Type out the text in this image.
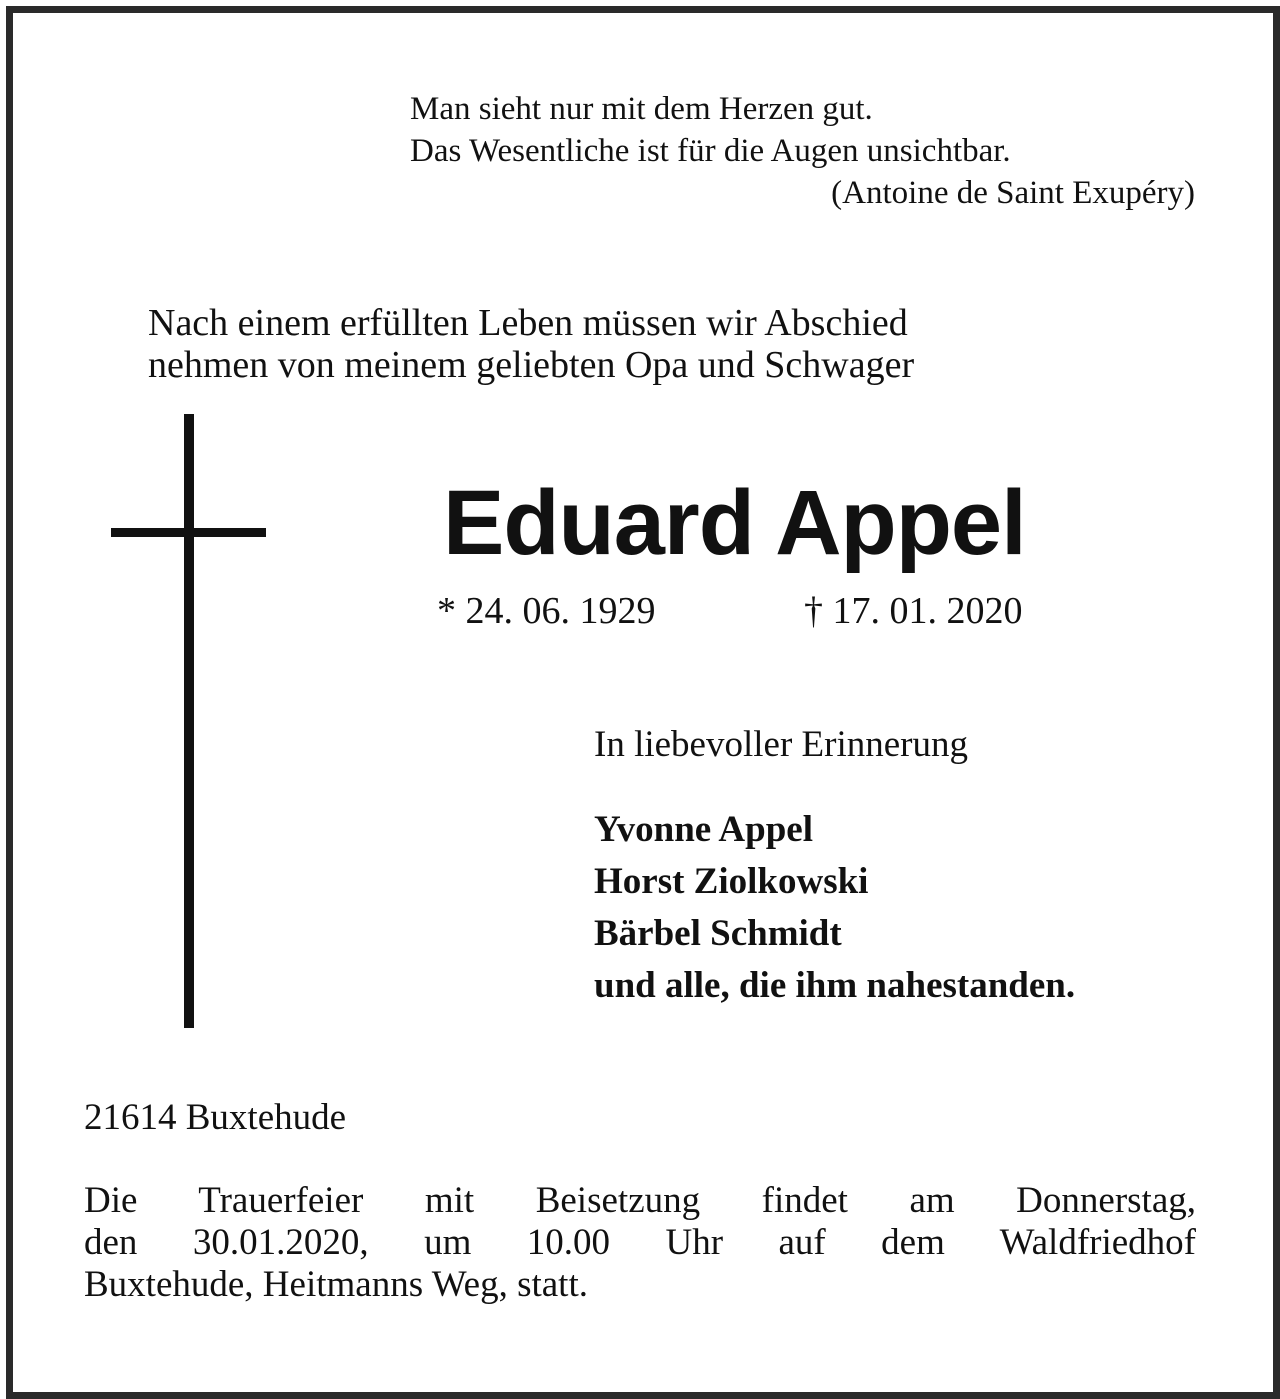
Man sieht nur mit dem Herzen gut.
Das Wesentliche ist für die Augen unsichtbar.
(Antoine de Saint Exupéry)
Nach einem erfüllten Leben müssen wir Abschied
nehmen von meinem geliebten Opa und Schwager
Eduard Appel
* 24. 06. 1929	† 17. 01. 2020
In liebevoller Erinnerung
Yvonne Appel
Horst Ziolkowski
Bärbel Schmidt
und alle, die ihm nahestanden.
21614 Buxtehude
Die Trauerfeier mit Beisetzung findet am Donnerstag,
den 30.01.2020, um 10.00 Uhr auf dem Waldfriedhof
Buxtehude, Heitmanns Weg, statt.
